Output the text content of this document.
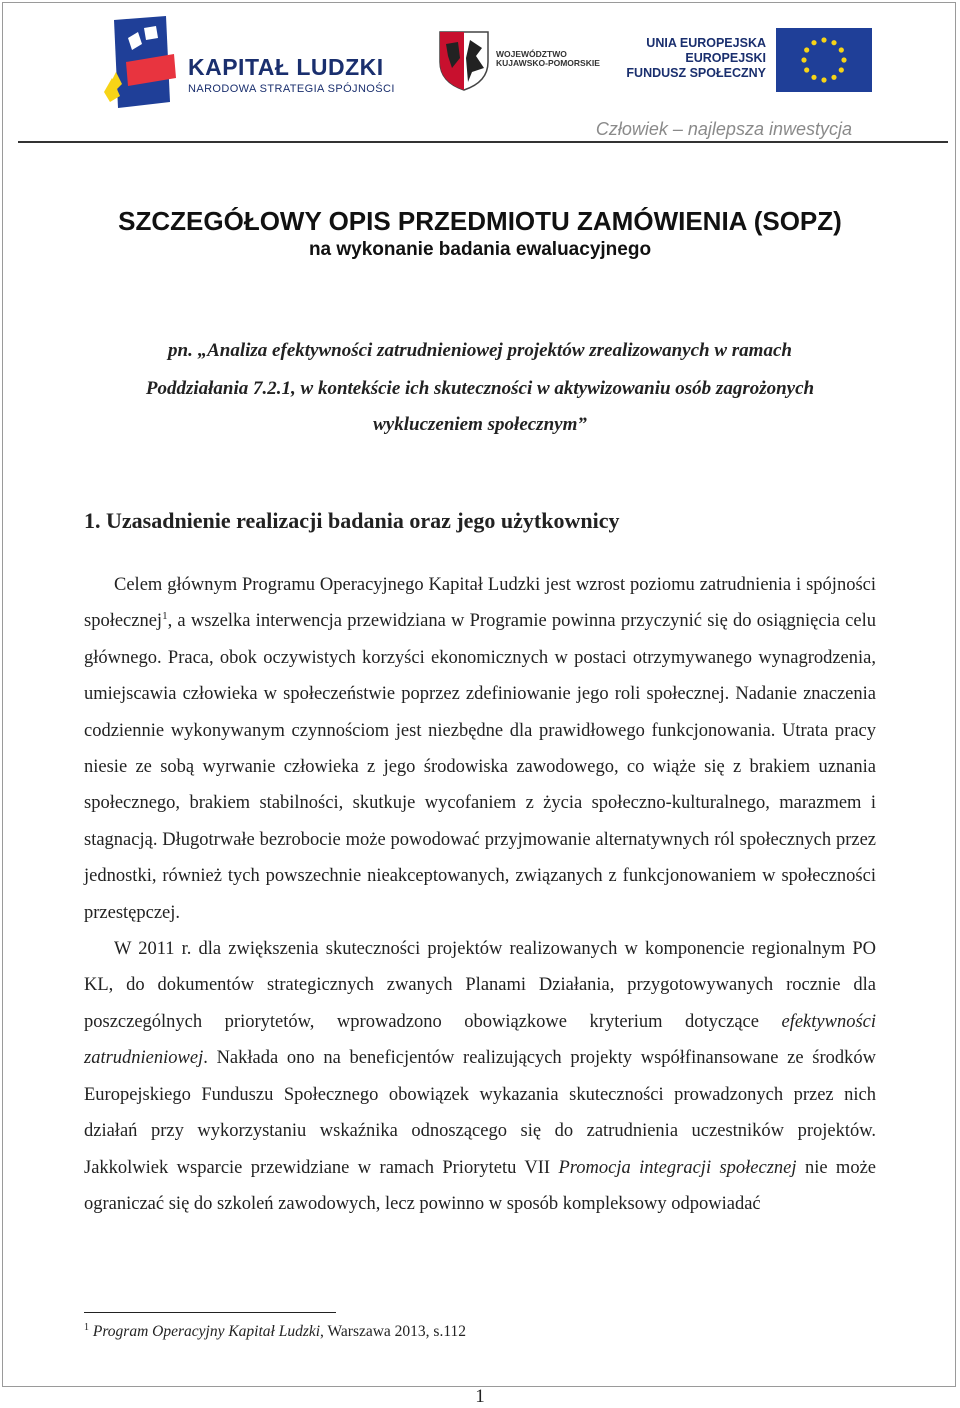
KAPITAŁ LUDZKI
NARODOWA STRATEGIA SPÓJNOŚCI
WOJEWÓDZTWO
KUJAWSKO-POMORSKIE
UNIA EUROPEJSKA
EUROPEJSKI
FUNDUSZ SPOŁECZNY
Człowiek – najlepsza inwestycja
SZCZEGÓŁOWY OPIS PRZEDMIOTU ZAMÓWIENIA (SOPZ)
na wykonanie badania ewaluacyjnego
pn. „Analiza efektywności zatrudnieniowej projektów zrealizowanych w ramach
Poddziałania 7.2.1, w kontekście ich skuteczności w aktywizowaniu osób zagrożonych
wykluczeniem społecznym”
1. Uzasadnienie realizacji badania oraz jego użytkownicy

Celem głównym Programu Operacyjnego Kapitał Ludzki jest wzrost poziomu zatrudnienia i spójności społecznej$^1$, a wszelka interwencja przewidziana w Programie powinna przyczynić się do osiągnięcia celu głównego. Praca, obok oczywistych korzyści ekonomicznych w postaci otrzymywanego wynagrodzenia, umiejscawia człowieka w społeczeństwie poprzez zdefiniowanie jego roli społecznej. Nadanie znaczenia codziennie wykonywanym czynnościom jest niezbędne dla prawidłowego funkcjonowania. Utrata pracy niesie ze sobą wyrwanie człowieka z jego środowiska zawodowego, co wiąże się z brakiem uznania społecznego, brakiem stabilności, skutkuje wycofaniem z życia społeczno-kulturalnego, marazmem i stagnacją. Długotrwałe bezrobocie może powodować przyjmowanie alternatywnych ról społecznych przez jednostki, również tych powszechnie nieakceptowanych, związanych z funkcjonowaniem w społeczności przestępczej.

W 2011 r. dla zwiększenia skuteczności projektów realizowanych w komponencie regionalnym PO KL, do dokumentów strategicznych zwanych Planami Działania, przygotowywanych rocznie dla poszczególnych priorytetów, wprowadzono obowiązkowe kryterium dotyczące efektywności zatrudnieniowej. Nakłada ono na beneficjentów realizujących projekty współfinansowane ze środków Europejskiego Funduszu Społecznego obowiązek wykazania skuteczności prowadzonych przez nich działań przy wykorzystaniu wskaźnika odnoszącego się do zatrudnienia uczestników projektów. Jakkolwiek wsparcie przewidziane w ramach Priorytetu VII Promocja integracji społecznej nie może ograniczać się do szkoleń zawodowych, lecz powinno w sposób kompleksowy odpowiadać

$^1$ Program Operacyjny Kapitał Ludzki, Warszawa 2013, s.112
1
